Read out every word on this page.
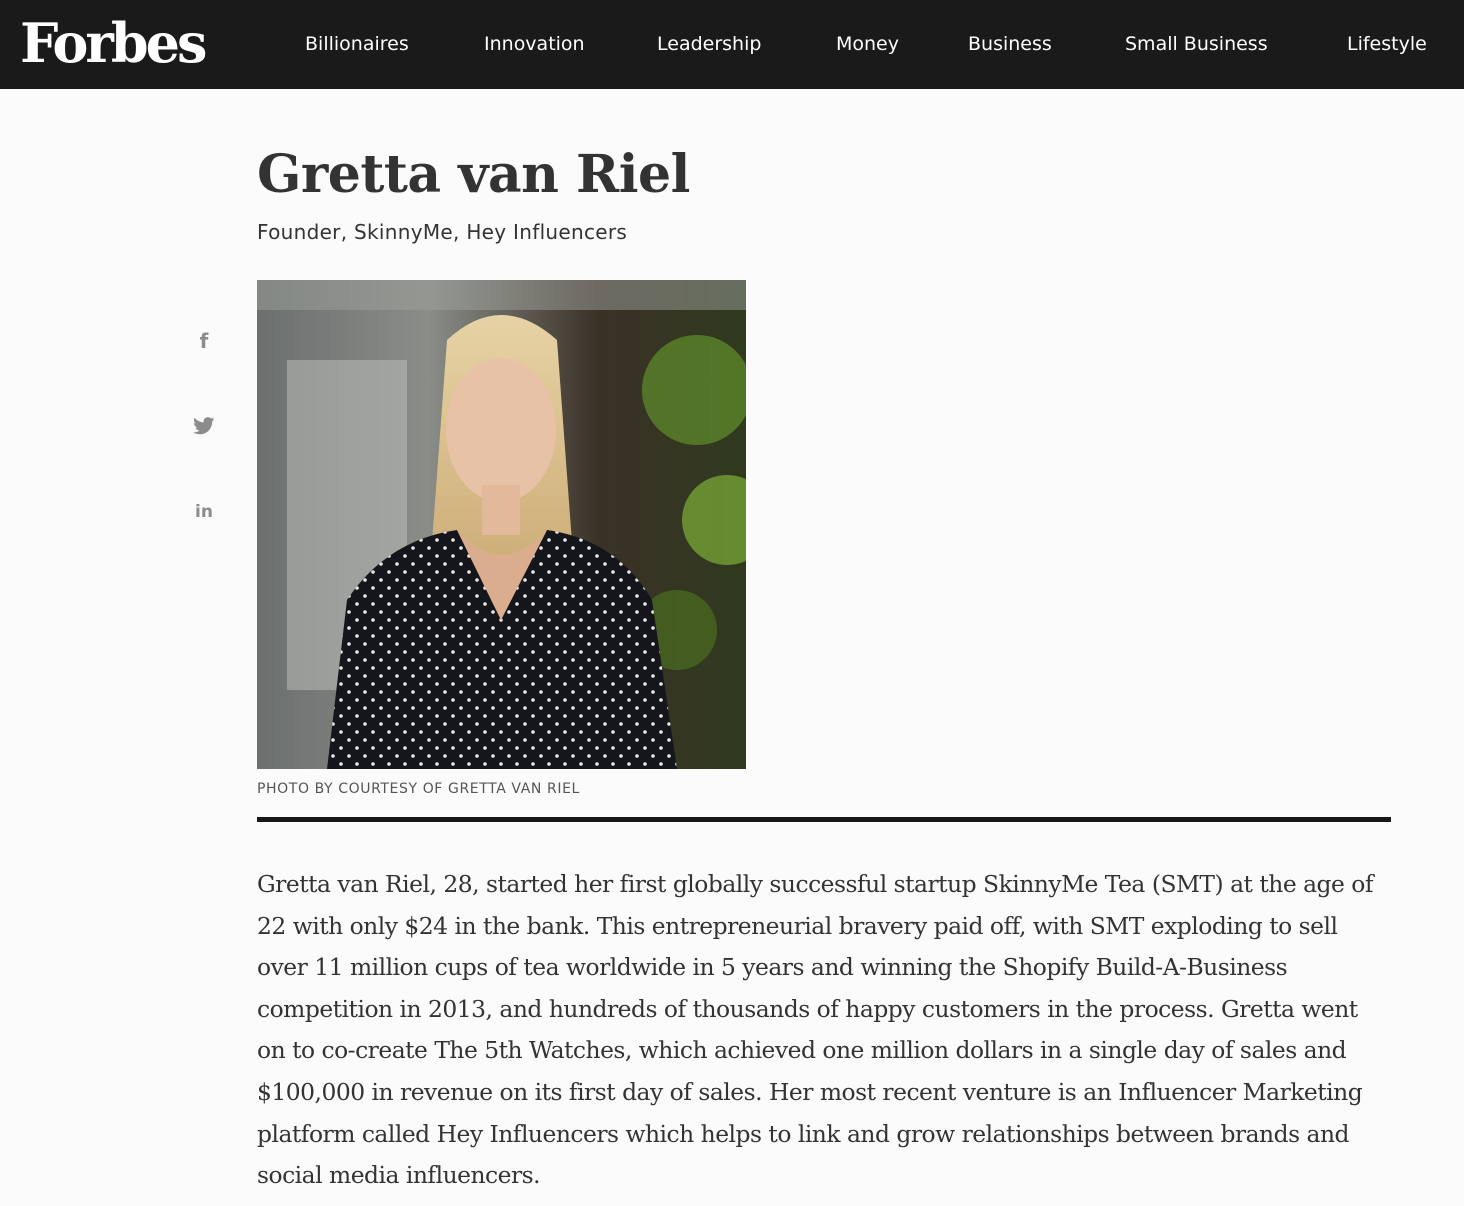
Forbes	Billionaires	Innovation	Leadership	Money	Business	Small Business	Lifestyle
Gretta van Riel
Founder, SkinnyMe, Hey Influencers
f
in
PHOTO BY COURTESY OF GRETTA VAN RIEL

Gretta van Riel, 28, started her first globally successful startup SkinnyMe Tea (SMT) at the age of 22 with only $24 in the bank. This entrepreneurial bravery paid off, with SMT exploding to sell over 11 million cups of tea worldwide in 5 years and winning the Shopify Build-A-Business competition in 2013, and hundreds of thousands of happy customers in the process. Gretta went on to co-create The 5th Watches, which achieved one million dollars in a single day of sales and $100,000 in revenue on its first day of sales. Her most recent venture is an Influencer Marketing platform called Hey Influencers which helps to link and grow relationships between brands and social media influencers.
